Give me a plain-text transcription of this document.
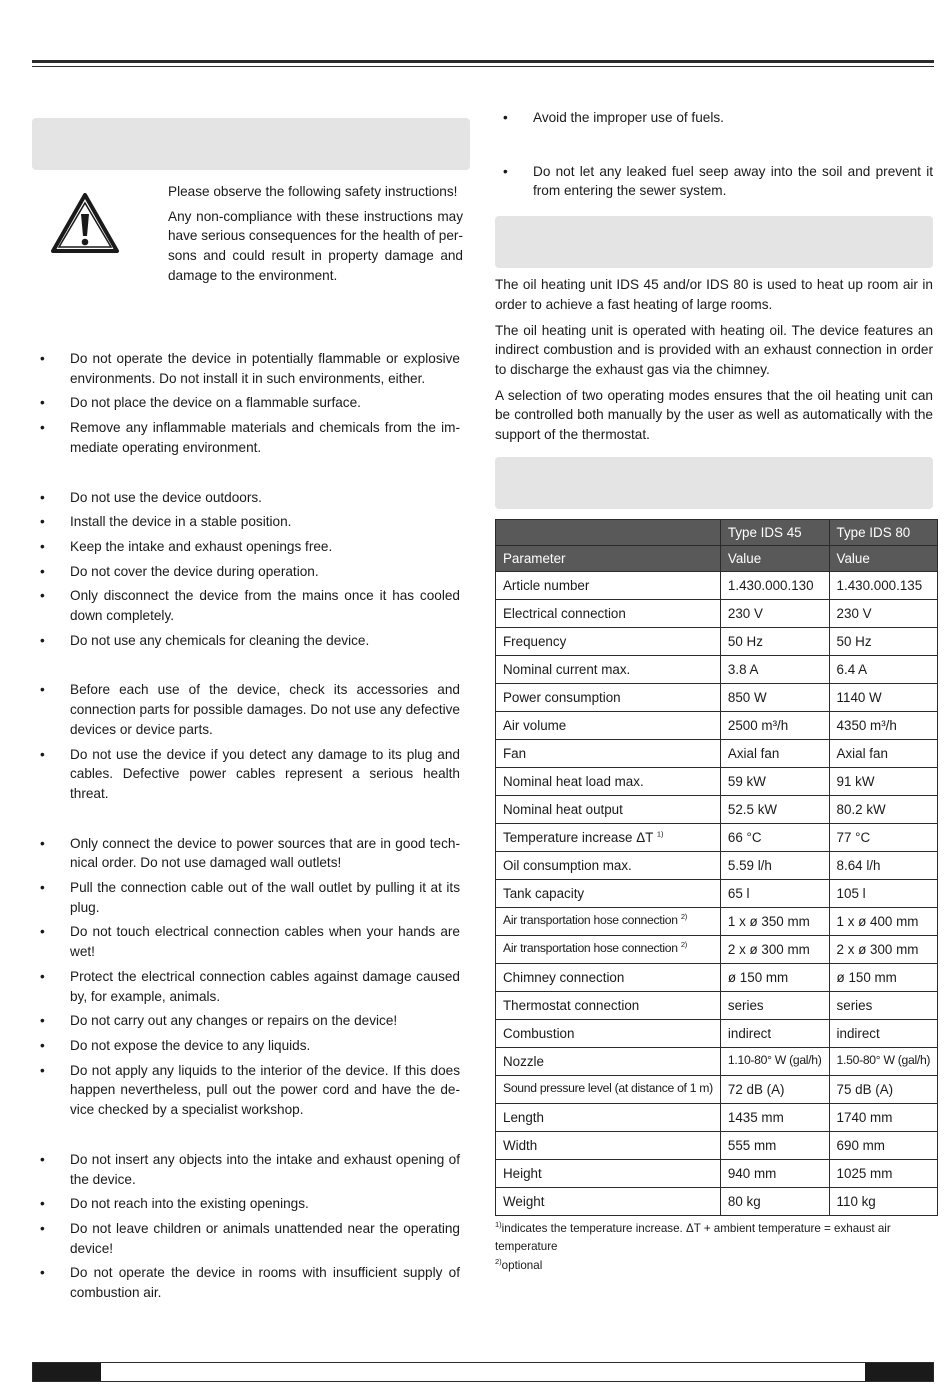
Please observe the following safety instructions!

Any non-compliance with these instructions may have serious consequences for the health of persons and could result in property damage and damage to the environment.

• Do not operate the device in potentially flammable or explosive environments. Do not install it in such environments, either.
• Do not place the device on a flammable surface.
• Remove any inflammable materials and chemicals from the immediate operating environment.
• Do not use the device outdoors.
• Install the device in a stable position.
• Keep the intake and exhaust openings free.
• Do not cover the device during operation.
• Only disconnect the device from the mains once it has cooled down completely.
• Do not use any chemicals for cleaning the device.
• Before each use of the device, check its accessories and connection parts for possible damages. Do not use any defective devices or device parts.
• Do not use the device if you detect any damage to its plug and cables. Defective power cables represent a serious health threat.
• Only connect the device to power sources that are in good technical order. Do not use damaged wall outlets!
• Pull the connection cable out of the wall outlet by pulling it at its plug.
• Do not touch electrical connection cables when your hands are wet!
• Protect the electrical connection cables against damage caused by, for example, animals.
• Do not carry out any changes or repairs on the device!
• Do not expose the device to any liquids.
• Do not apply any liquids to the interior of the device. If this does happen nevertheless, pull out the power cord and have the device checked by a specialist workshop.
• Do not insert any objects into the intake and exhaust opening of the device.
• Do not reach into the existing openings.
• Do not leave children or animals unattended near the operating device!
• Do not operate the device in rooms with insufficient supply of combustion air.
• Avoid the improper use of fuels.
• Do not let any leaked fuel seep away into the soil and prevent it from entering the sewer system.

The oil heating unit IDS 45 and/or IDS 80 is used to heat up room air in order to achieve a fast heating of large rooms.

The oil heating unit is operated with heating oil. The device features an indirect combustion and is provided with an exhaust connection in order to discharge the exhaust gas via the chimney.

A selection of two operating modes ensures that the oil heating unit can be controlled both manually by the user as well as automatically with the support of the thermostat.

	Type IDS 45	Type IDS 80
Parameter	Value	Value
Article number	1.430.000.130	1.430.000.135
Electrical connection	230 V	230 V
Frequency	50 Hz	50 Hz
Nominal current max.	3.8 A	6.4 A
Power consumption	850 W	1140 W
Air volume	2500 m³/h	4350 m³/h
Fan	Axial fan	Axial fan
Nominal heat load max.	59 kW	91 kW
Nominal heat output	52.5 kW	80.2 kW
Temperature increase ΔT $^{1)}$	66 °C	77 °C
Oil consumption max.	5.59 l/h	8.64 l/h
Tank capacity	65 l	105 l
Air transportation hose connection $^{2)}$	1 x ø 350 mm	1 x ø 400 mm
Air transportation hose connection $^{2)}$	2 x ø 300 mm	2 x ø 300 mm
Chimney connection	ø 150 mm	ø 150 mm
Thermostat connection	series	series
Combustion	indirect	indirect
Nozzle	1.10-80° W (gal/h)	1.50-80° W (gal/h)
Sound pressure level (at distance of 1 m)	72 dB (A)	75 dB (A)
Length	1435 mm	1740 mm
Width	555 mm	690 mm
Height	940 mm	1025 mm
Weight	80 kg	110 kg
$^{1)}$indicates the temperature increase. ΔT + ambient temperature = exhaust air temperature
$^{2)}$optional
